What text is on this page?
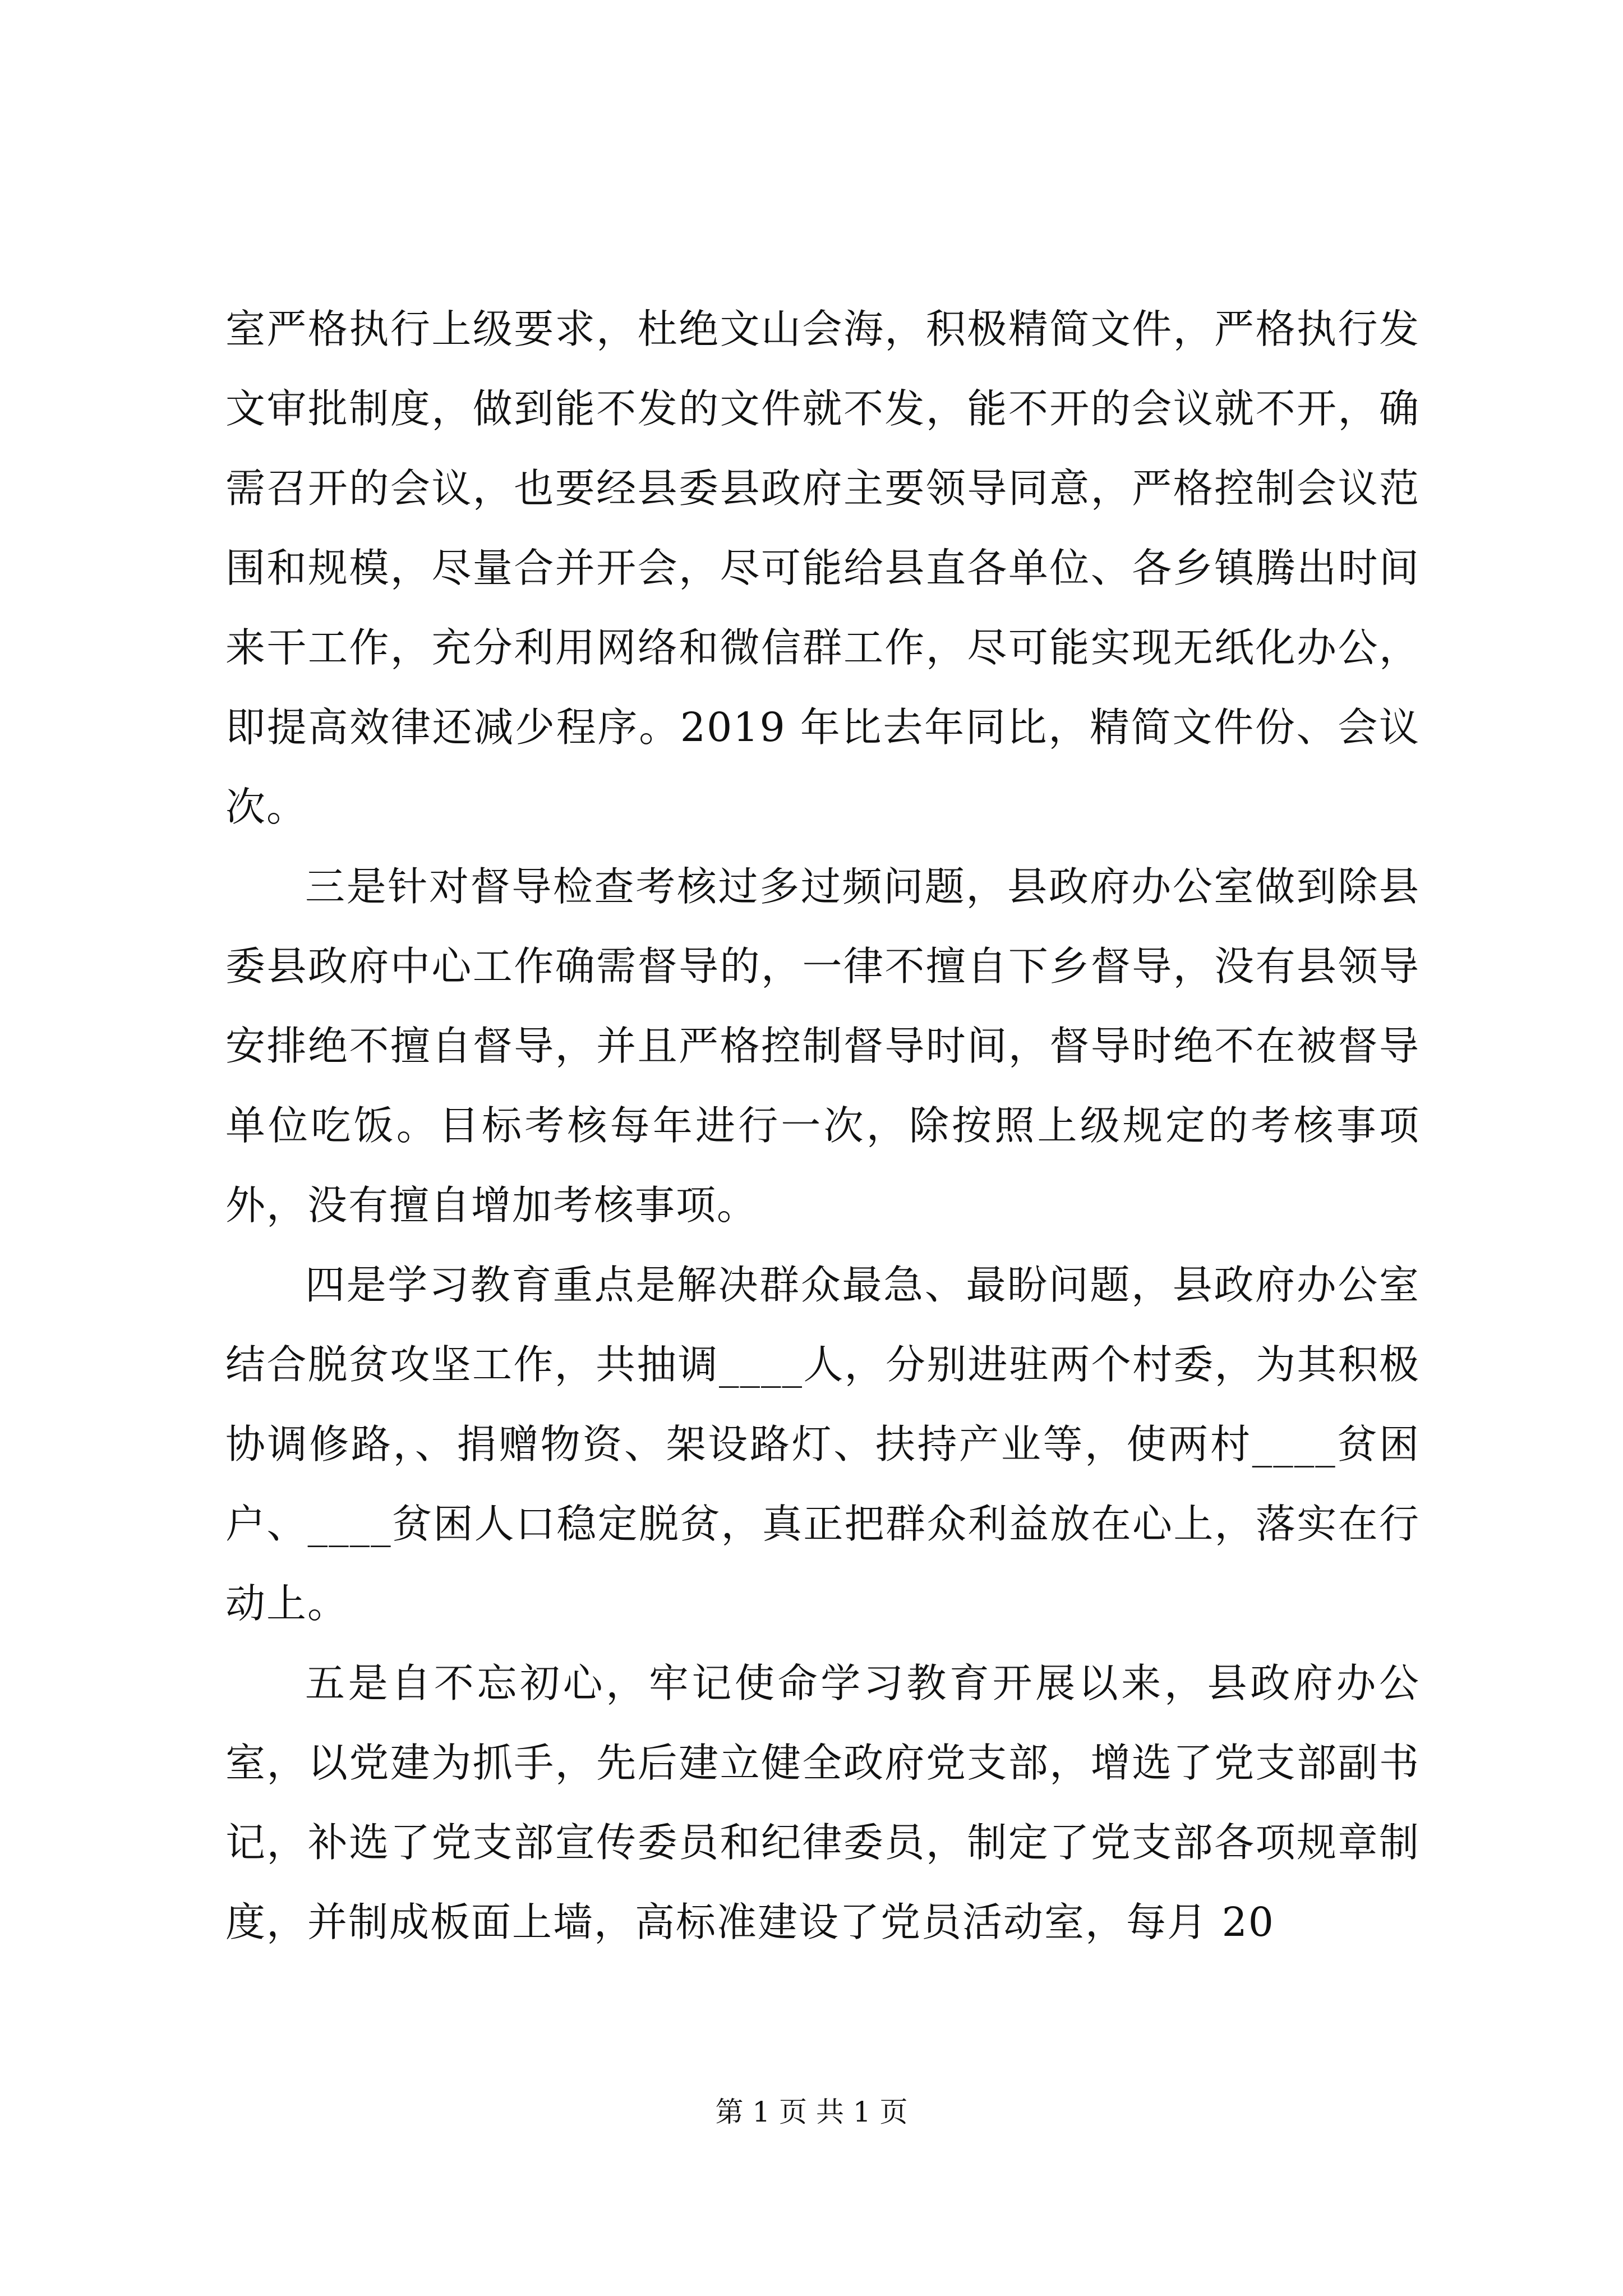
室严格执行上级要求，杜绝文山会海，积极精简文件，严格执行发文审批制度，做到能不发的文件就不发，能不开的会议就不开，确需召开的会议，也要经县委县政府主要领导同意，严格控制会议范围和规模，尽量合并开会，尽可能给县直各单位、各乡镇腾出时间来干工作，充分利用网络和微信群工作，尽可能实现无纸化办公，即提高效律还减少程序。2019 年比去年同比，精简文件份、会议次。

三是针对督导检查考核过多过频问题，县政府办公室做到除县委县政府中心工作确需督导的，一律不擅自下乡督导，没有县领导安排绝不擅自督导，并且严格控制督导时间，督导时绝不在被督导单位吃饭。目标考核每年进行一次，除按照上级规定的考核事项外，没有擅自增加考核事项。

四是学习教育重点是解决群众最急、最盼问题，县政府办公室结合脱贫攻坚工作，共抽调____人，分别进驻两个村委，为其积极协调修路，、捐赠物资、架设路灯、扶持产业等，使两村____贫困户、____贫困人口稳定脱贫，真正把群众利益放在心上，落实在行动上。

五是自不忘初心，牢记使命学习教育开展以来，县政府办公室，以党建为抓手，先后建立健全政府党支部，增选了党支部副书记，补选了党支部宣传委员和纪律委员，制定了党支部各项规章制度，并制成板面上墙，高标准建设了党员活动室，每月 20

第 1 页 共 1 页
